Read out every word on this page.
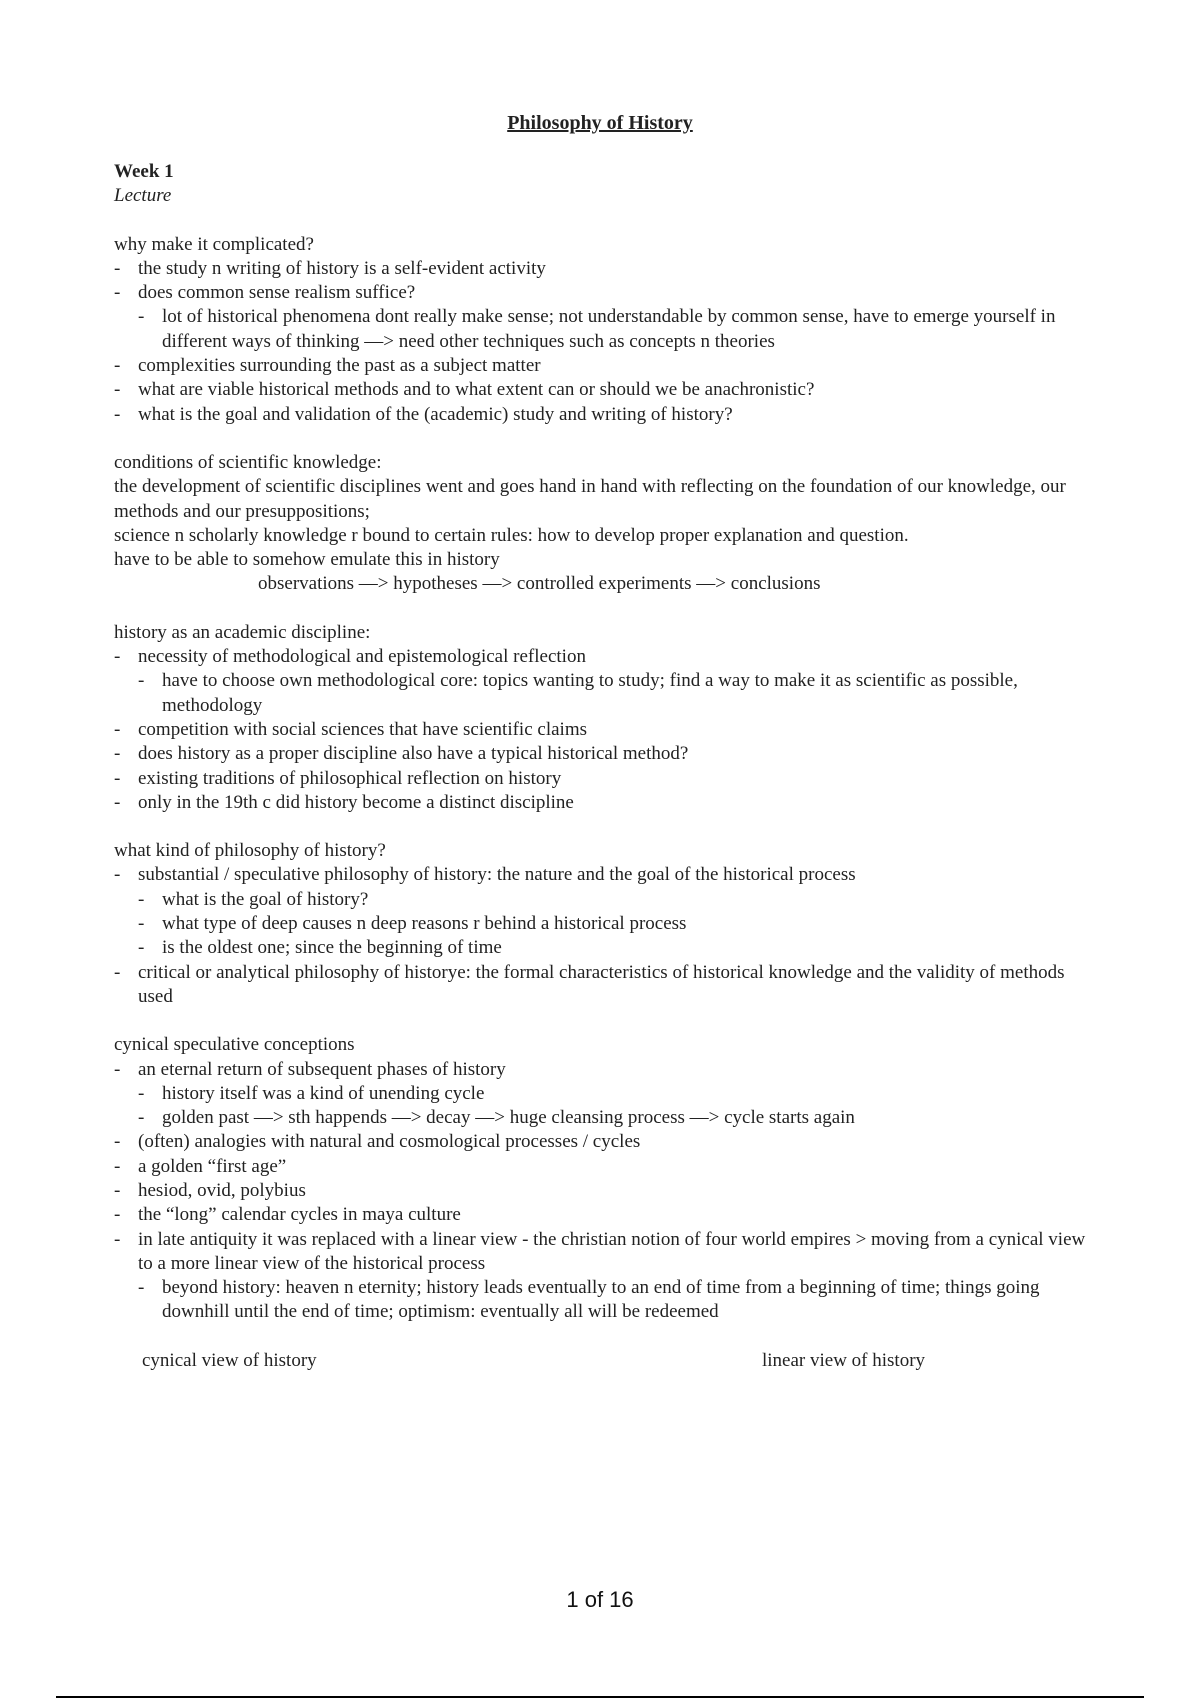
Philosophy of History
Week 1
Lecture
why make it complicated?
- the study n writing of history is a self-evident activity
- does common sense realism suffice?
- lot of historical phenomena dont really make sense; not understandable by common sense, have to emerge yourself in different ways of thinking —> need other techniques such as concepts n theories
- complexities surrounding the past as a subject matter
- what are viable historical methods and to what extent can or should we be anachronistic?
- what is the goal and validation of the (academic) study and writing of history?
conditions of scientific knowledge:
the development of scientific disciplines went and goes hand in hand with reflecting on the foundation of our knowledge, our methods and our presuppositions;
science n scholarly knowledge r bound to certain rules: how to develop proper explanation and question.
have to be able to somehow emulate this in history
observations —> hypotheses —> controlled experiments —> conclusions
history as an academic discipline:
- necessity of methodological and epistemological reflection
- have to choose own methodological core: topics wanting to study; find a way to make it as scientific as possible, methodology
- competition with social sciences that have scientific claims
- does history as a proper discipline also have a typical historical method?
- existing traditions of philosophical reflection on history
- only in the 19th c did history become a distinct discipline
what kind of philosophy of history?
- substantial / speculative philosophy of history: the nature and the goal of the historical process
- what is the goal of history?
- what type of deep causes n deep reasons r behind a historical process
- is the oldest one; since the beginning of time
- critical or analytical philosophy of historye: the formal characteristics of historical knowledge and the validity of methods used
cynical speculative conceptions
- an eternal return of subsequent phases of history
- history itself was a kind of unending cycle
- golden past —> sth happends —> decay —> huge cleansing process —> cycle starts again
- (often) analogies with natural and cosmological processes / cycles
- a golden “first age”
- hesiod, ovid, polybius
- the “long” calendar cycles in maya culture
- in late antiquity it was replaced with a linear view - the christian notion of four world empires > moving from a cynical view to a more linear view of the historical process
- beyond history: heaven n eternity; history leads eventually to an end of time from a beginning of time; things going downhill until the end of time; optimism: eventually all will be redeemed
cynical view of history	linear view of history
1 of 16
